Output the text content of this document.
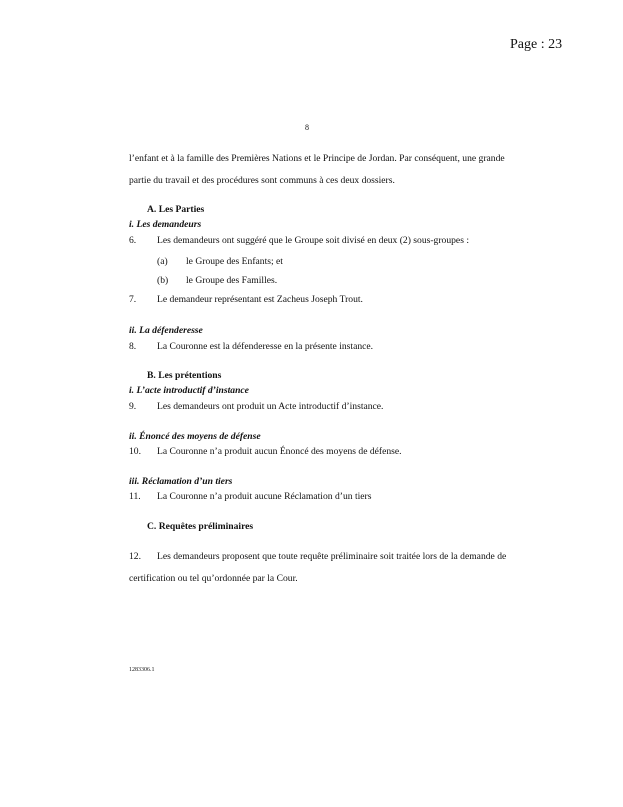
Page : 23
8
l’enfant et à la famille des Premières Nations et le Principe de Jordan. Par conséquent, une grande
partie du travail et des procédures sont communs à ces deux dossiers.
A. Les Parties
i. Les demandeurs
6. Les demandeurs ont suggéré que le Groupe soit divisé en deux (2) sous-groupes :
(a) le Groupe des Enfants; et
(b) le Groupe des Familles.
7. Le demandeur représentant est Zacheus Joseph Trout.
ii. La défenderesse
8. La Couronne est la défenderesse en la présente instance.
B. Les prétentions
i. L’acte introductif d’instance
9. Les demandeurs ont produit un Acte introductif d’instance.
ii. Énoncé des moyens de défense
10. La Couronne n’a produit aucun Énoncé des moyens de défense.
iii. Réclamation d’un tiers
11. La Couronne n’a produit aucune Réclamation d’un tiers
C. Requêtes préliminaires
12. Les demandeurs proposent que toute requête préliminaire soit traitée lors de la demande de
certification ou tel qu’ordonnée par la Cour.
1283306.1
